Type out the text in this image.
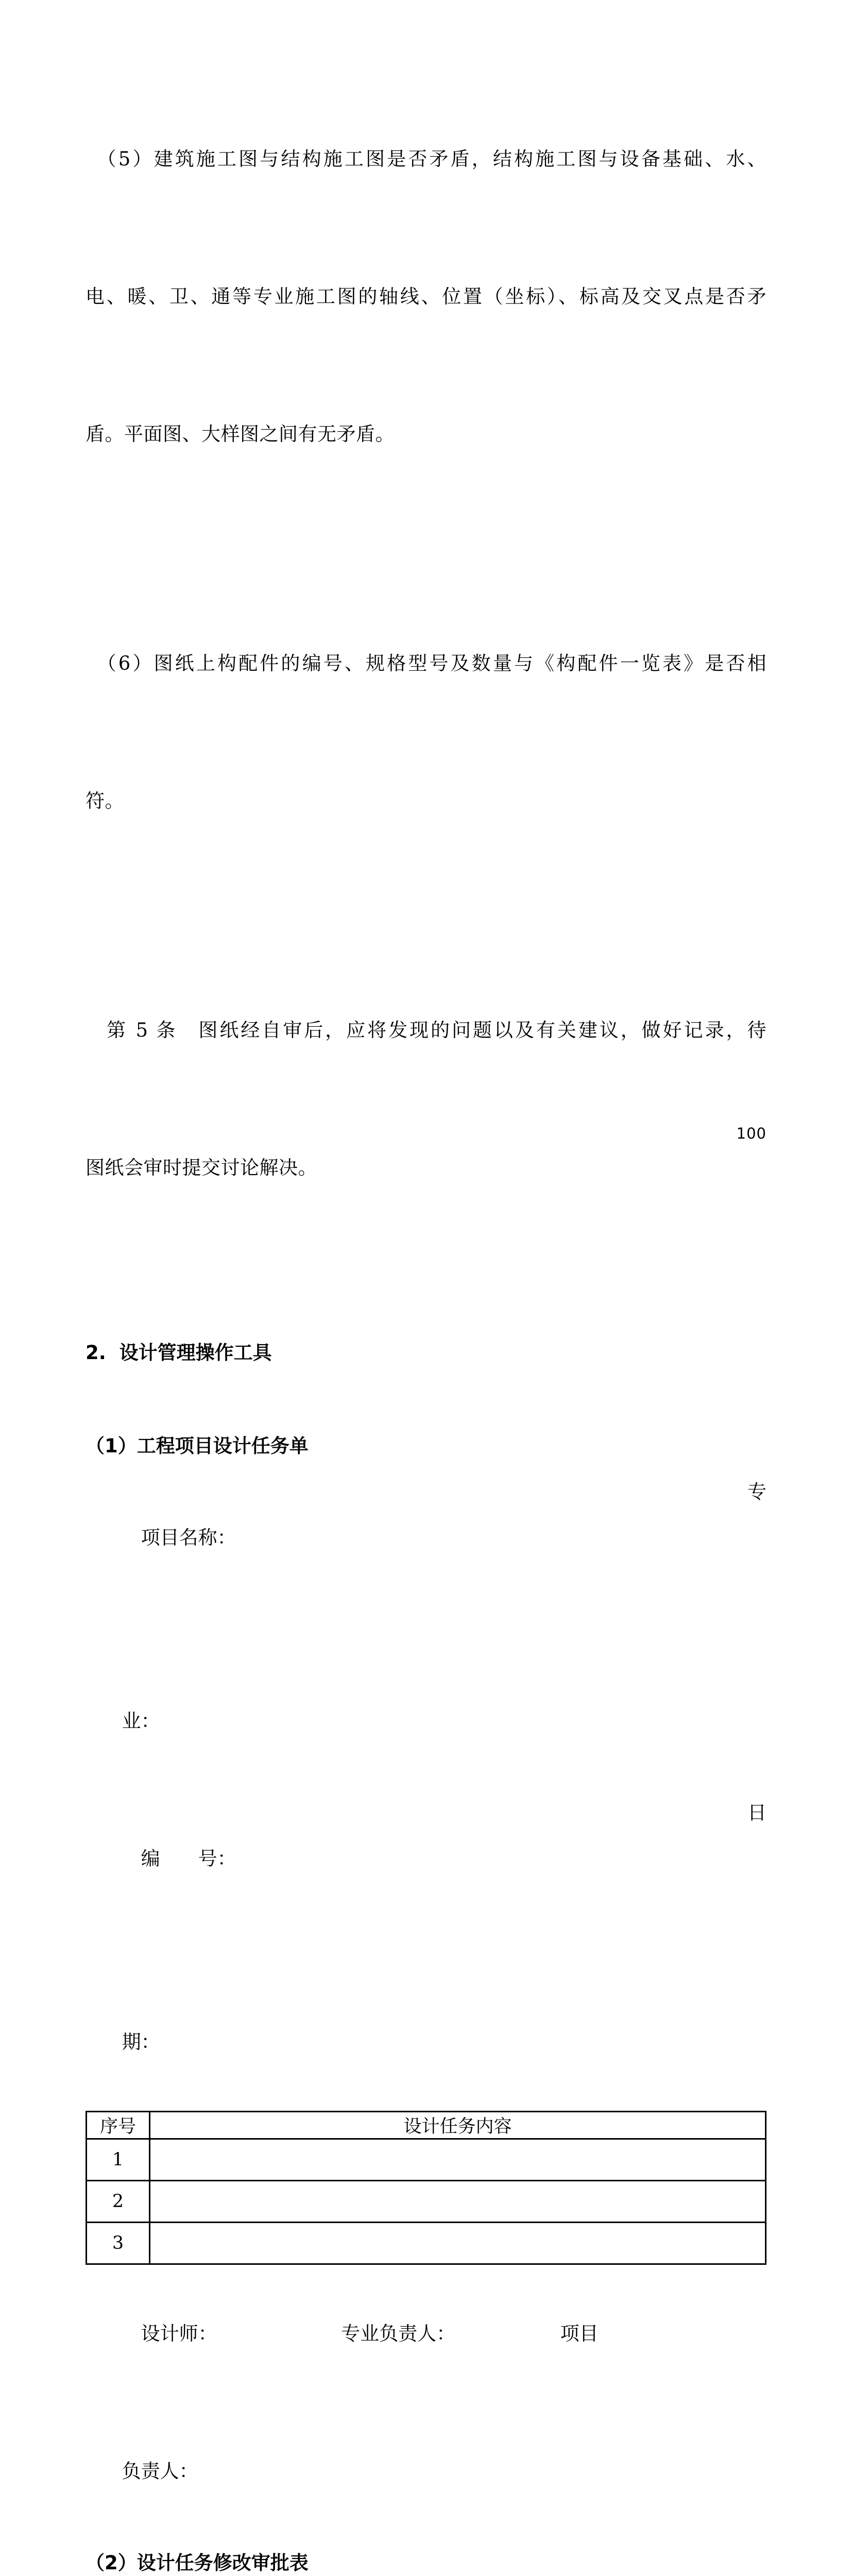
　（5）建筑施工图与结构施工图是否矛盾，结构施工图与设备基础、水、

电、暖、卫、通等专业施工图的轴线、位置（坐标）、标高及交叉点是否矛

盾。平面图、大样图之间有无矛盾。

　（6）图纸上构配件的编号、规格型号及数量与《构配件一览表》是否相

符。

　第 5 条　图纸经自审后，应将发现的问题以及有关建议，做好记录，待

图纸会审时提交讨论解决。

2.  设计管理操作工具
（1）工程项目设计任务单

　项目名称：

专

业：

　编　　号：

日

期：

序号	设计任务内容
1	
2	
3	

　设计师：　　　　　　　专业负责人：　　　　　　项目

负责人：

（2）设计任务修改审批表
100
